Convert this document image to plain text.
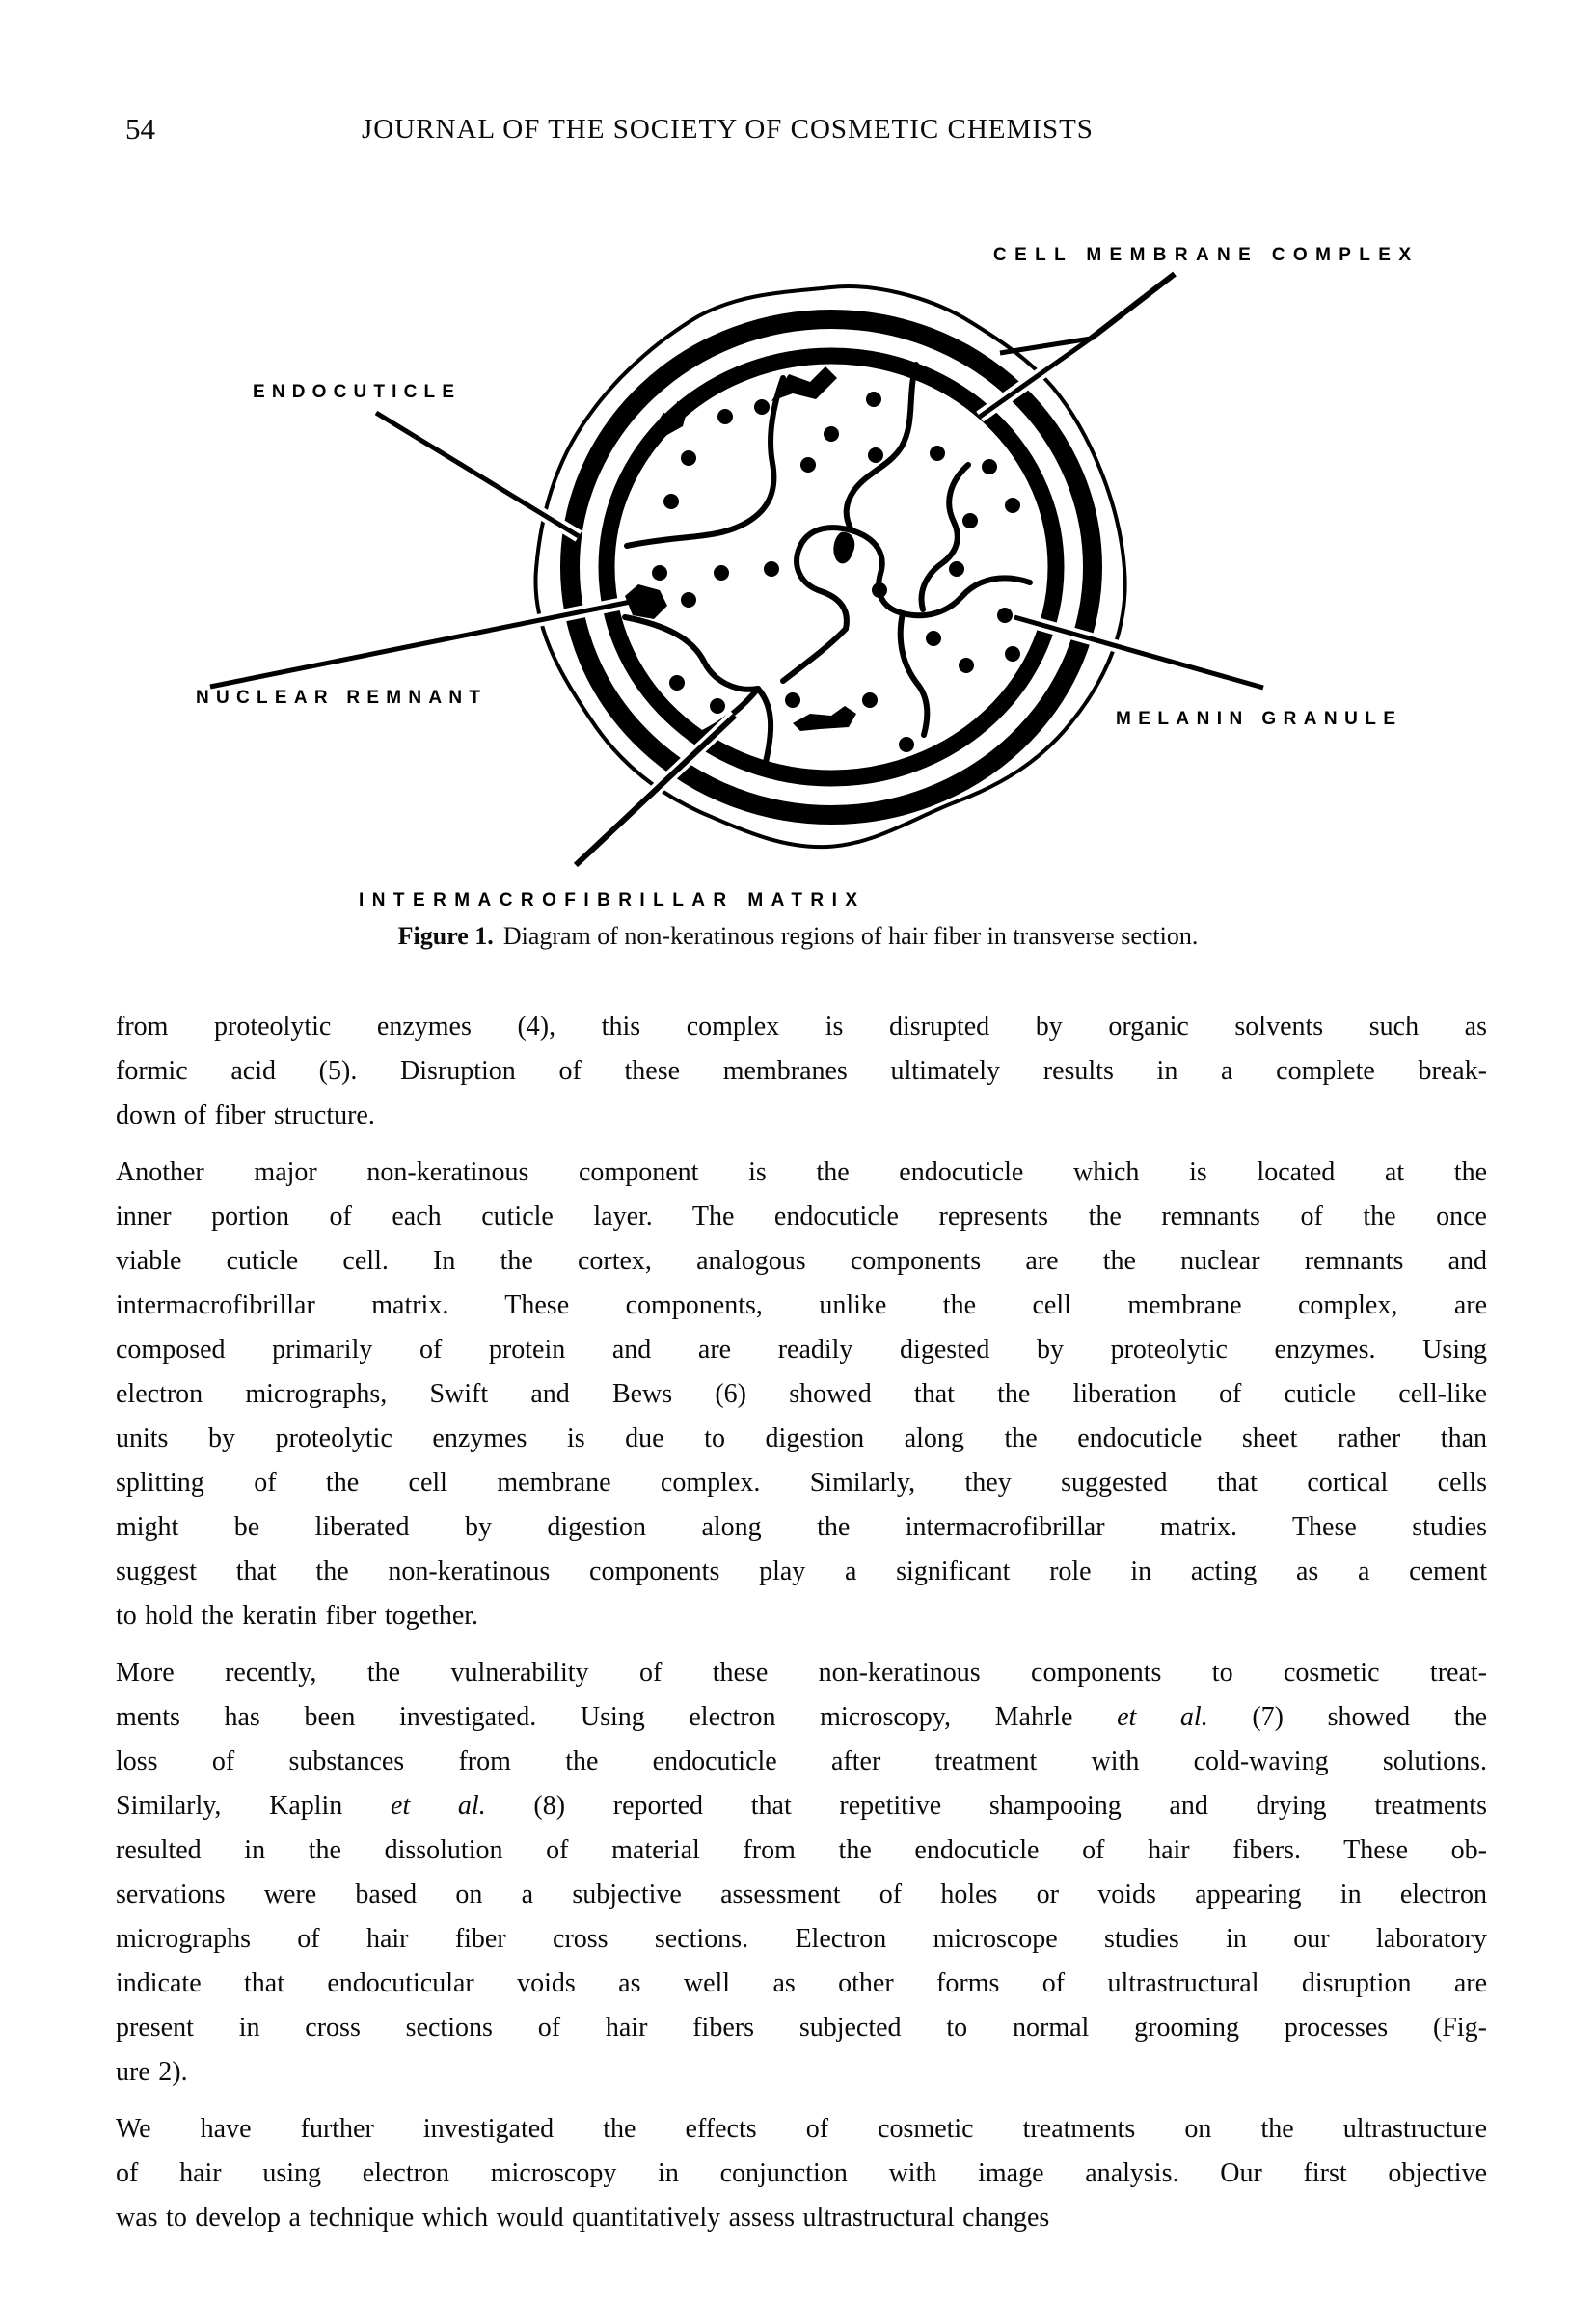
54	JOURNAL OF THE SOCIETY OF COSMETIC CHEMISTS
CELL MEMBRANE COMPLEX
ENDOCUTICLE
NUCLEAR REMNANT
MELANIN GRANULE
INTERMACROFIBRILLAR MATRIX
Figure 1. Diagram of non-keratinous regions of hair fiber in transverse section.
from proteolytic enzymes (4), this complex is disrupted by organic solvents such as
formic acid (5). Disruption of these membranes ultimately results in a complete break-
down of fiber structure.
Another major non-keratinous component is the endocuticle which is located at the
inner portion of each cuticle layer. The endocuticle represents the remnants of the once
viable cuticle cell. In the cortex, analogous components are the nuclear remnants and
intermacrofibrillar matrix. These components, unlike the cell membrane complex, are
composed primarily of protein and are readily digested by proteolytic enzymes. Using
electron micrographs, Swift and Bews (6) showed that the liberation of cuticle cell-like
units by proteolytic enzymes is due to digestion along the endocuticle sheet rather than
splitting of the cell membrane complex. Similarly, they suggested that cortical cells
might be liberated by digestion along the intermacrofibrillar matrix. These studies
suggest that the non-keratinous components play a significant role in acting as a cement
to hold the keratin fiber together.
More recently, the vulnerability of these non-keratinous components to cosmetic treat-
ments has been investigated. Using electron microscopy, Mahrle et al. (7) showed the
loss of substances from the endocuticle after treatment with cold-waving solutions.
Similarly, Kaplin et al. (8) reported that repetitive shampooing and drying treatments
resulted in the dissolution of material from the endocuticle of hair fibers. These ob-
servations were based on a subjective assessment of holes or voids appearing in electron
micrographs of hair fiber cross sections. Electron microscope studies in our laboratory
indicate that endocuticular voids as well as other forms of ultrastructural disruption are
present in cross sections of hair fibers subjected to normal grooming processes (Fig-
ure 2).
We have further investigated the effects of cosmetic treatments on the ultrastructure
of hair using electron microscopy in conjunction with image analysis. Our first objective
was to develop a technique which would quantitatively assess ultrastructural changes
